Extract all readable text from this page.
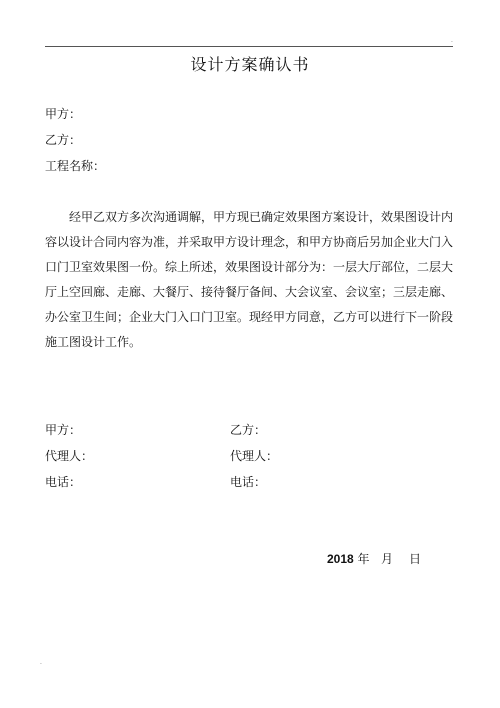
.
设计方案确认书
甲方：
乙方：
工程名称：
经甲乙双方多次沟通调解，甲方现已确定效果图方案设计，效果图设计内
容以设计合同内容为准，并采取甲方设计理念，和甲方协商后另加企业大门入
口门卫室效果图一份。综上所述，效果图设计部分为：一层大厅部位，二层大
厅上空回廊、走廊、大餐厅、接待餐厅备间、大会议室、会议室；三层走廊、
办公室卫生间；企业大门入口门卫室。现经甲方同意，乙方可以进行下一阶段
施工图设计工作。
甲方：
代理人：
电话：
乙方：
代理人：
电话：
2018 年 月 日
.
